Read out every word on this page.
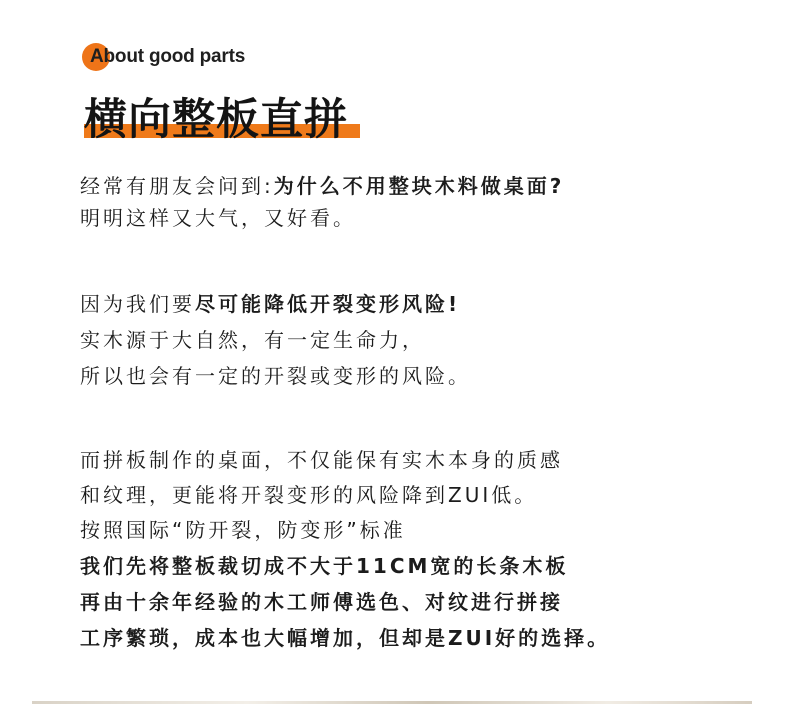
About good parts
横向整板直拼
经常有朋友会问到:为什么不用整块木料做桌面?
明明这样又大气，又好看。
因为我们要尽可能降低开裂变形风险!
实木源于大自然，有一定生命力，
所以也会有一定的开裂或变形的风险。
而拼板制作的桌面，不仅能保有实木本身的质感
和纹理，更能将开裂变形的风险降到ZUI低。
按照国际“防开裂，防变形”标准
我们先将整板裁切成不大于11CM宽的长条木板
再由十余年经验的木工师傅选色、对纹进行拼接
工序繁琐，成本也大幅增加，但却是ZUI好的选择。
